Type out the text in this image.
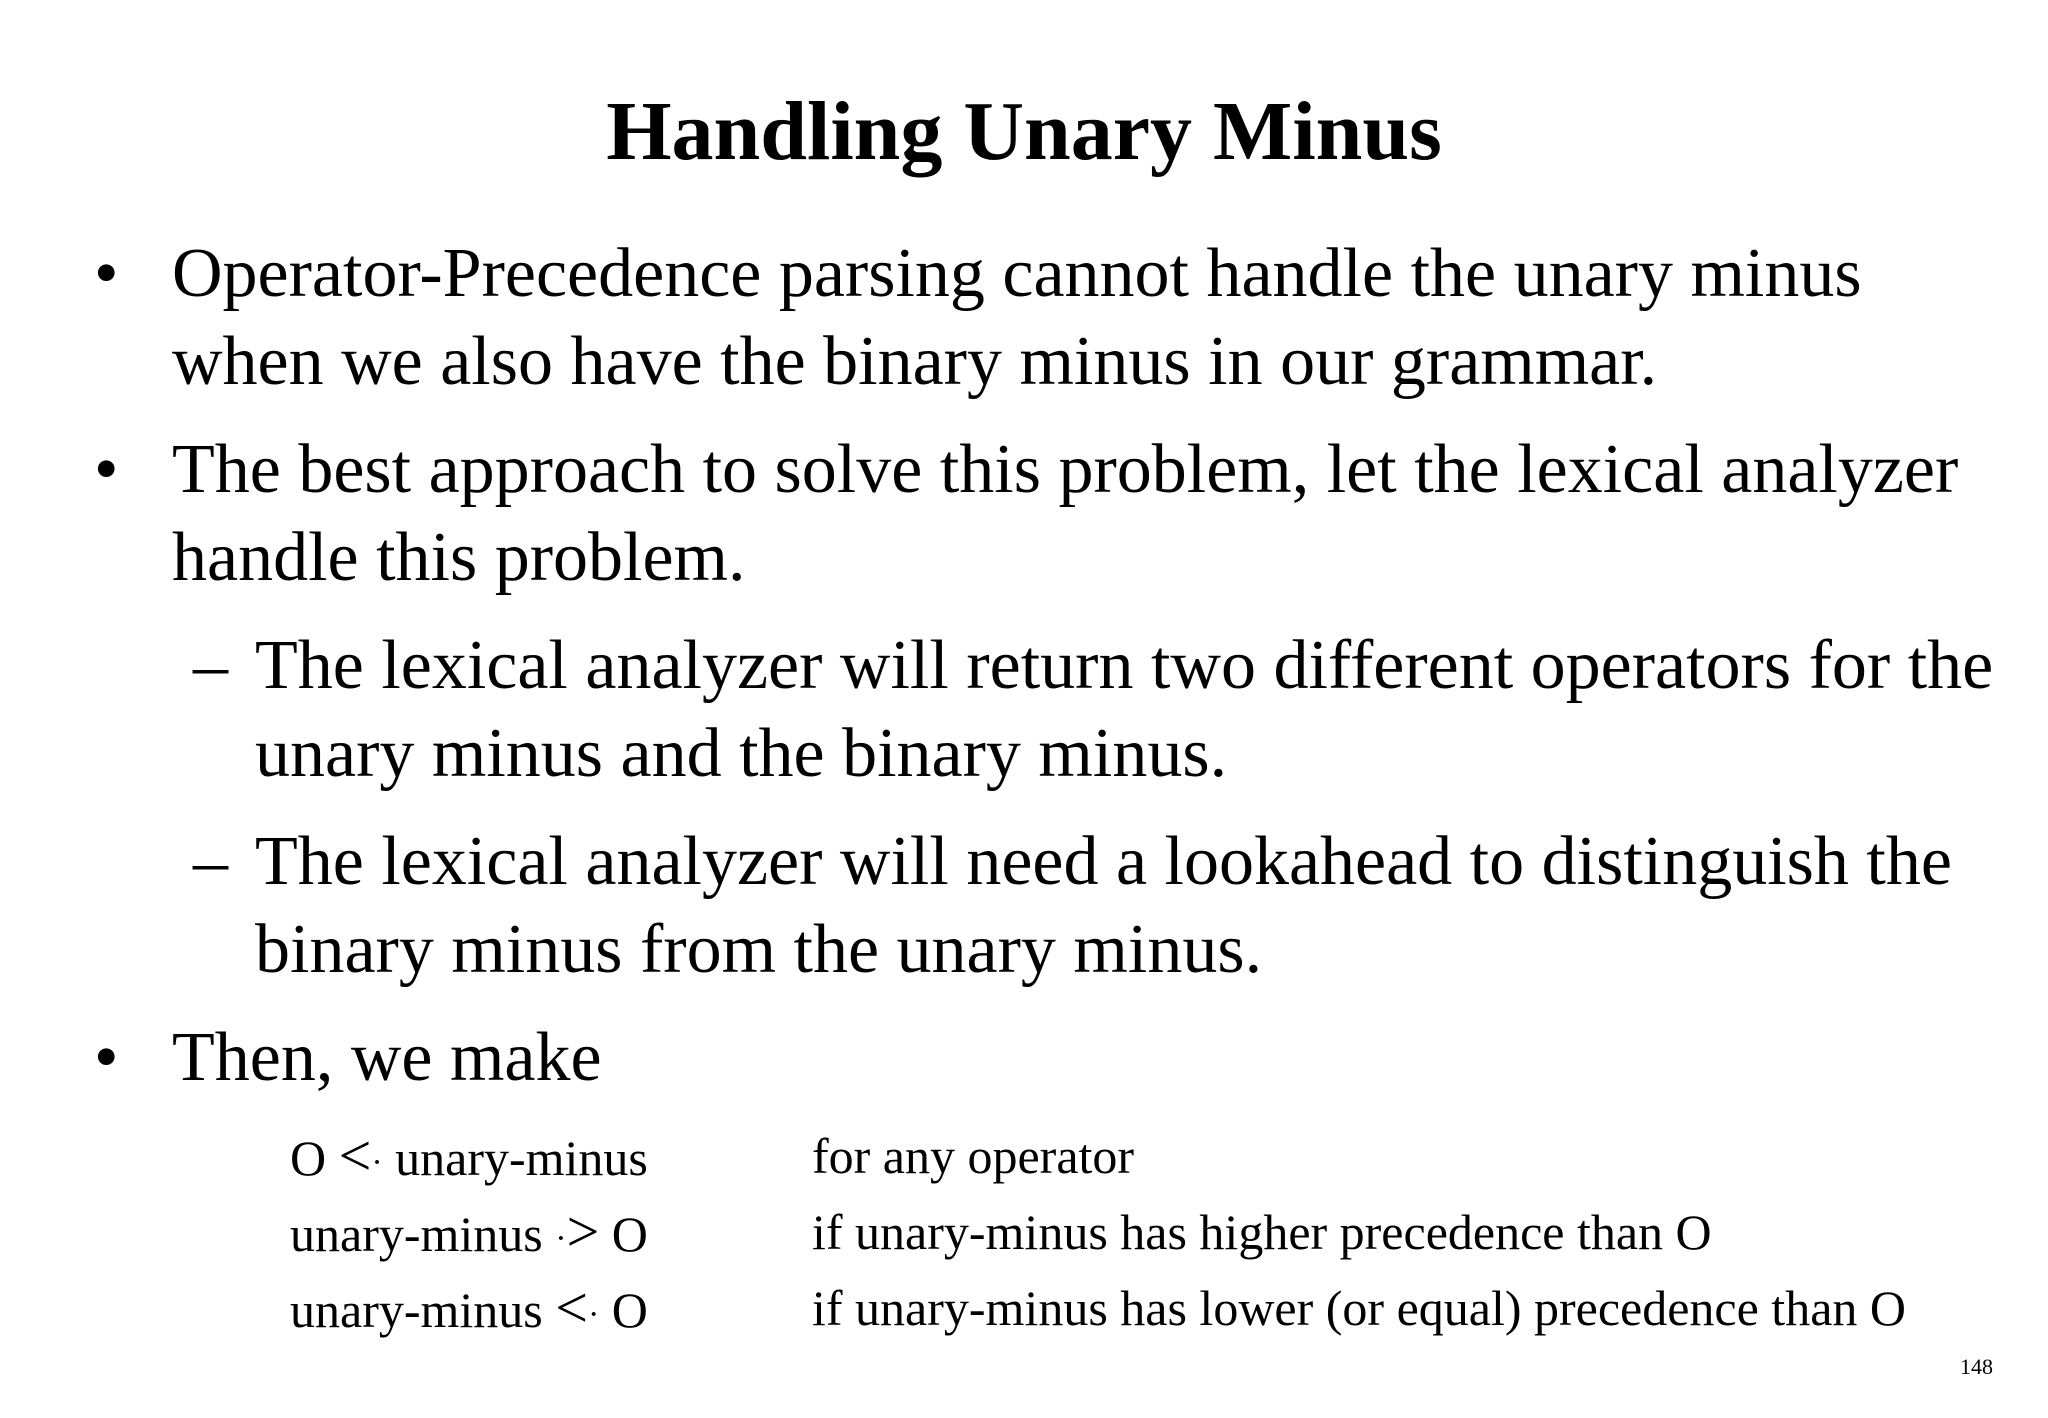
Handling Unary Minus
• Operator-Precedence parsing cannot handle the unary minus when we also have the binary minus in our grammar.
• The best approach to solve this problem, let the lexical analyzer handle this problem.
– The lexical analyzer will return two different operators for the unary minus and the binary minus.
– The lexical analyzer will need a lookahead to distinguish the binary minus from the unary minus.
• Then, we make
O <· unary-minus	for any operator
unary-minus ·> O	if unary-minus has higher precedence than O
unary-minus <· O	if unary-minus has lower (or equal) precedence than O
148
